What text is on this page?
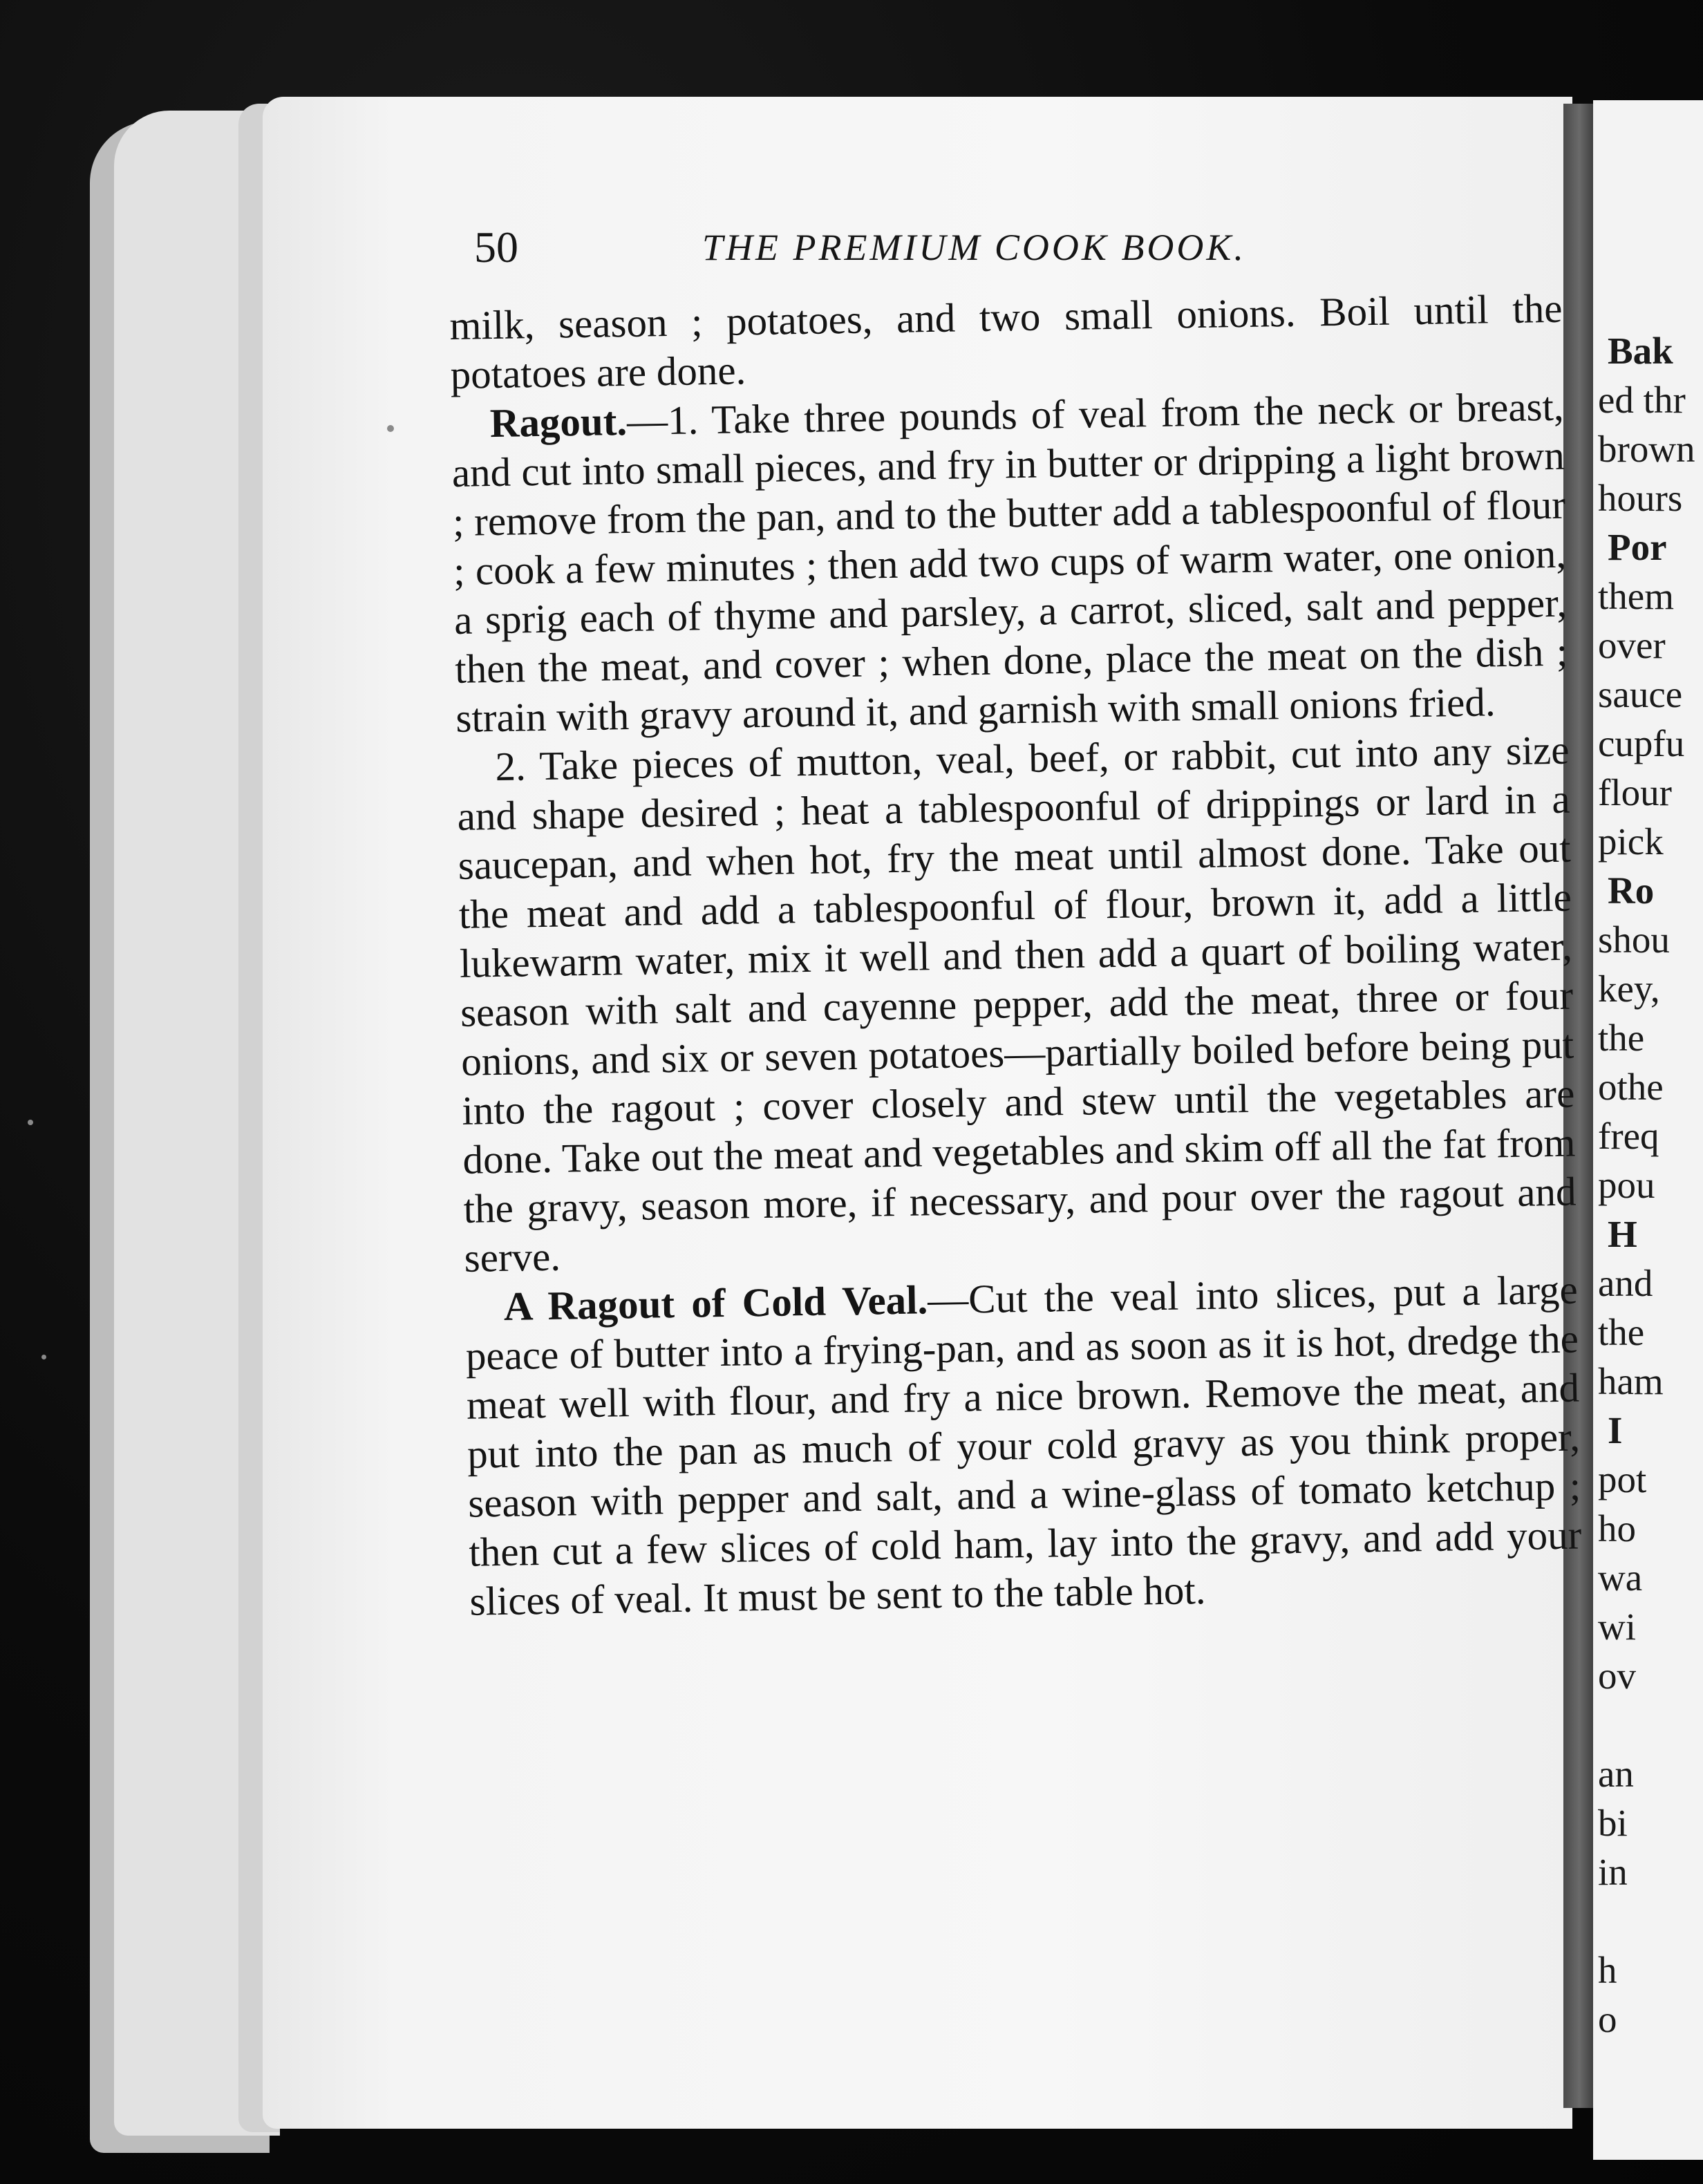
50	THE PREMIUM COOK BOOK.

milk, season ; potatoes, and two small onions. Boil until the potatoes are done.

Ragout.—1. Take three pounds of veal from the neck or breast, and cut into small pieces, and fry in butter or dripping a light brown ; remove from the pan, and to the butter add a tablespoonful of flour ; cook a few minutes ; then add two cups of warm water, one onion, a sprig each of thyme and parsley, a carrot, sliced, salt and pepper, then the meat, and cover ; when done, place the meat on the dish ; strain with gravy around it, and garnish with small onions fried.

2. Take pieces of mutton, veal, beef, or rabbit, cut into any size and shape desired ; heat a tablespoonful of drippings or lard in a saucepan, and when hot, fry the meat until almost done. Take out the meat and add a tablespoonful of flour, brown it, add a little lukewarm water, mix it well and then add a quart of boiling water, season with salt and cayenne pepper, add the meat, three or four onions, and six or seven potatoes—partially boiled before being put into the ragout ; cover closely and stew until the vegetables are done. Take out the meat and vegetables and skim off all the fat from the gravy, season more, if necessary, and pour over the ragout and serve.

A Ragout of Cold Veal.—Cut the veal into slices, put a large peace of butter into a frying-pan, and as soon as it is hot, dredge the meat well with flour, and fry a nice brown. Remove the meat, and put into the pan as much of your cold gravy as you think proper, season with pepper and salt, and a wine-glass of tomato ketchup ; then cut a few slices of cold ham, lay into the gravy, and add your slices of veal. It must be sent to the table hot.

Bak
ed thr
brown
hours
Por
them
over
sauce
cupfu
flour
pick
Ro
shou
key,
the
othe
freq
pou
H
and
the
ham
I
pot
ho
wa
wi
ov
an
bi
in
h
o
